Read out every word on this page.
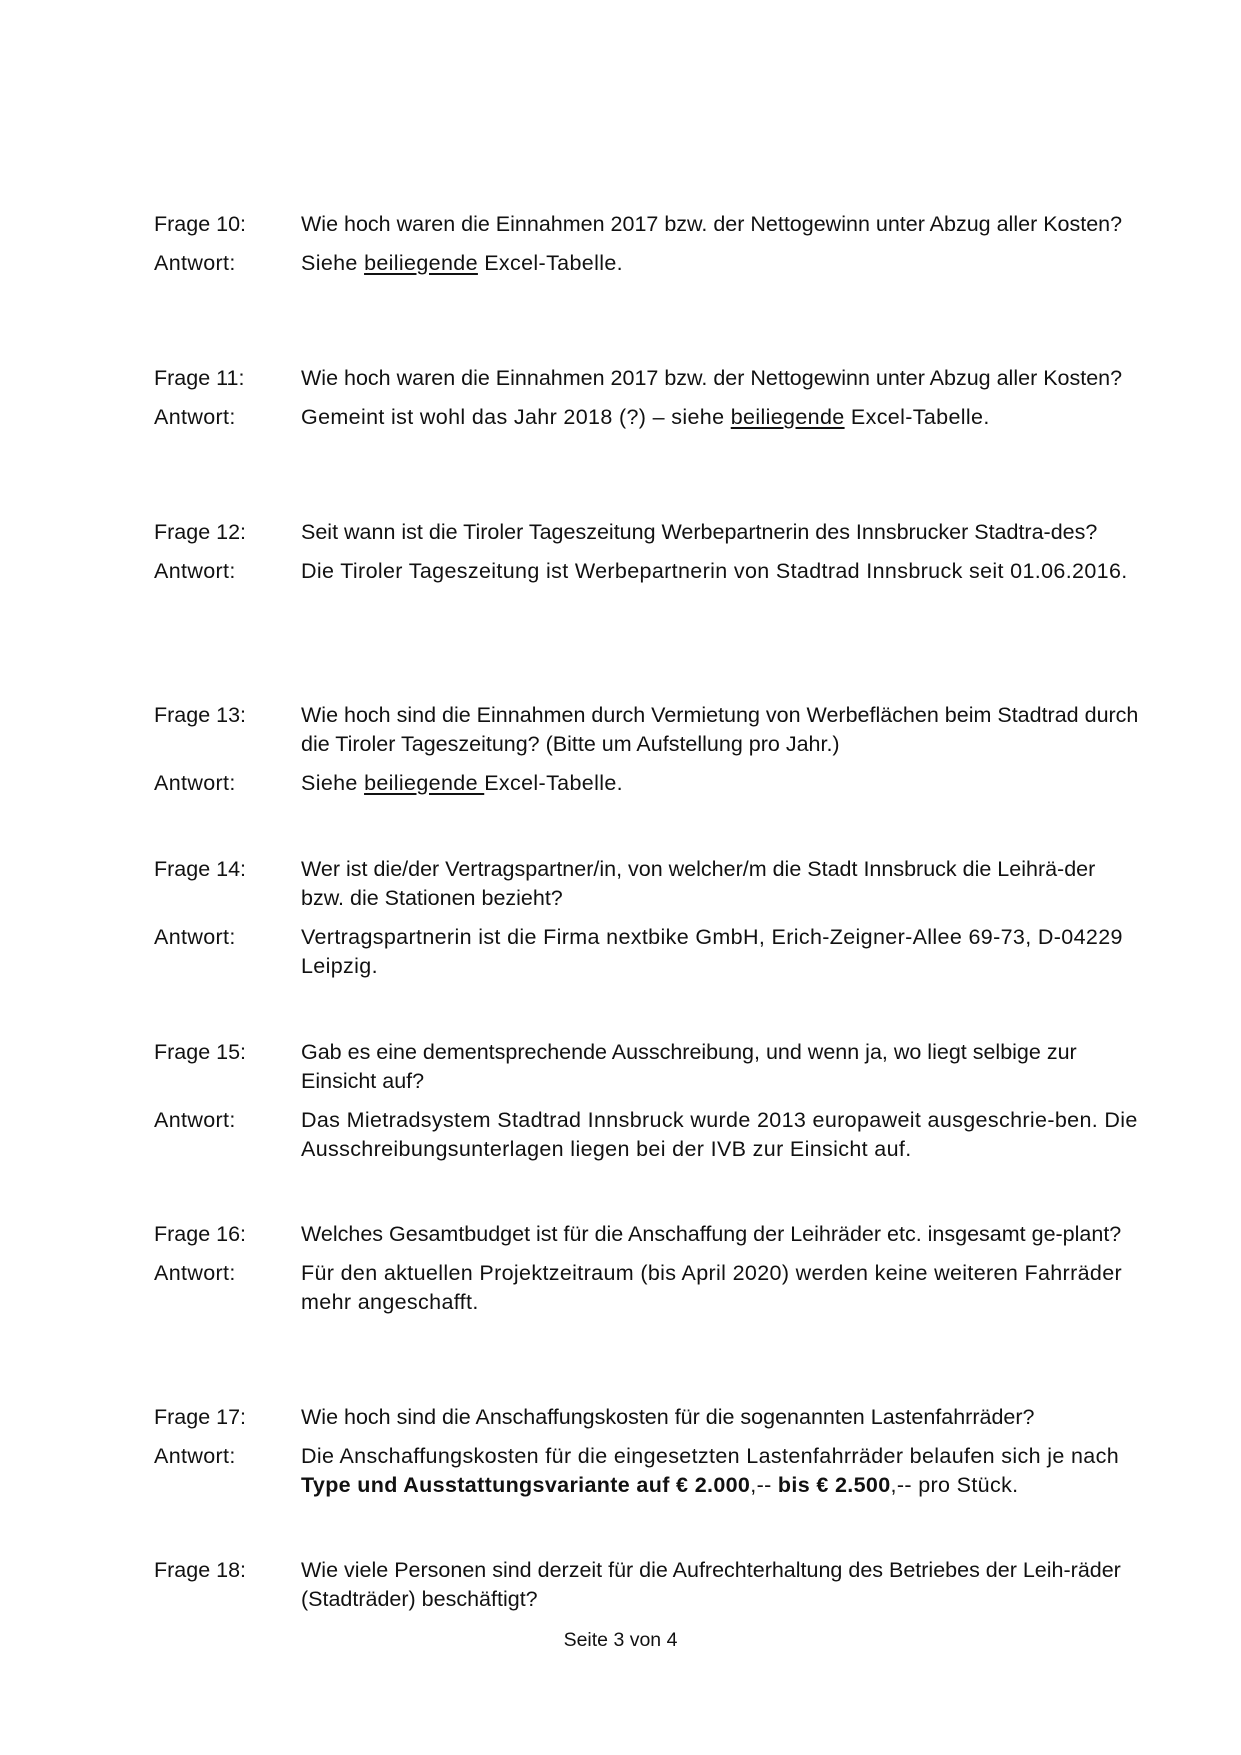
Frage 10:	Wie hoch waren die Einnahmen 2017 bzw. der Nettogewinn unter Abzug aller Kosten?
Antwort:	Siehe beiliegende Excel-Tabelle.
Frage 11:	Wie hoch waren die Einnahmen 2017 bzw. der Nettogewinn unter Abzug aller Kosten?
Antwort:	Gemeint ist wohl das Jahr 2018 (?) – siehe beiliegende Excel-Tabelle.
Frage 12:	Seit wann ist die Tiroler Tageszeitung Werbepartnerin des Innsbrucker Stadtra-des?
Antwort:	Die Tiroler Tageszeitung ist Werbepartnerin von Stadtrad Innsbruck seit 01.06.2016.
Frage 13:	Wie hoch sind die Einnahmen durch Vermietung von Werbeflächen beim Stadtrad durch die Tiroler Tageszeitung? (Bitte um Aufstellung pro Jahr.)
Antwort:	Siehe beiliegende Excel-Tabelle.
Frage 14:	Wer ist die/der Vertragspartner/in, von welcher/m die Stadt Innsbruck die Leihrä-der bzw. die Stationen bezieht?
Antwort:	Vertragspartnerin ist die Firma nextbike GmbH, Erich-Zeigner-Allee 69-73, D-04229 Leipzig.
Frage 15:	Gab es eine dementsprechende Ausschreibung, und wenn ja, wo liegt selbige zur Einsicht auf?
Antwort:	Das Mietradsystem Stadtrad Innsbruck wurde 2013 europaweit ausgeschrie-ben. Die Ausschreibungsunterlagen liegen bei der IVB zur Einsicht auf.
Frage 16:	Welches Gesamtbudget ist für die Anschaffung der Leihräder etc. insgesamt ge-plant?
Antwort:	Für den aktuellen Projektzeitraum (bis April 2020) werden keine weiteren Fahrräder mehr angeschafft.
Frage 17:	Wie hoch sind die Anschaffungskosten für die sogenannten Lastenfahrräder?
Antwort:	Die Anschaffungskosten für die eingesetzten Lastenfahrräder belaufen sich je nach Type und Ausstattungsvariante auf € 2.000,-- bis € 2.500,-- pro Stück.
Frage 18:	Wie viele Personen sind derzeit für die Aufrechterhaltung des Betriebes der Leih-räder (Stadträder) beschäftigt?
Seite 3 von 4
